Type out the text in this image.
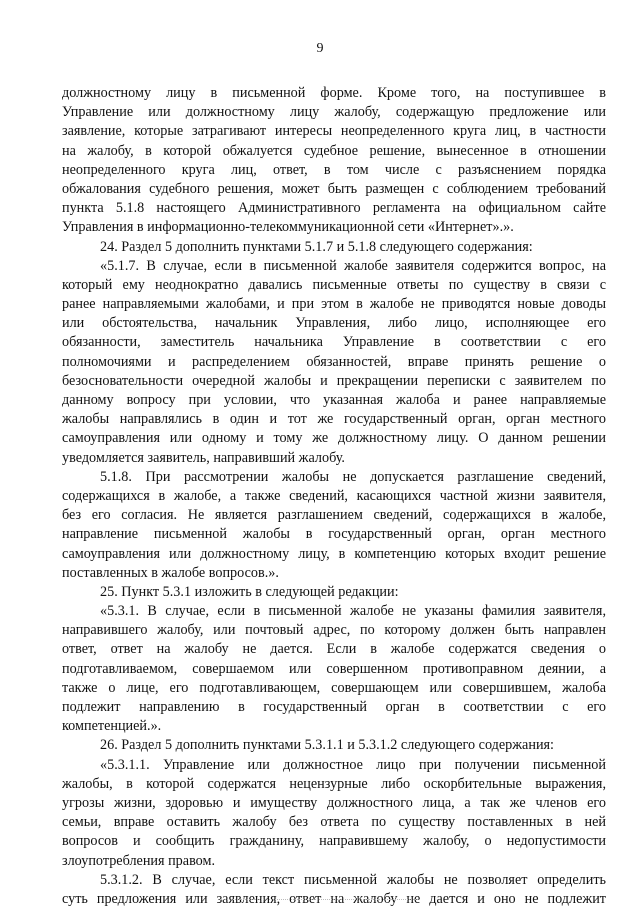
9
должностному лицу в письменной форме. Кроме того, на поступившее в
Управление или должностному лицу жалобу, содержащую предложение или
заявление, которые затрагивают интересы неопределенного круга лиц, в частности
на жалобу, в которой обжалуется судебное решение, вынесенное в отношении
неопределенного круга лиц, ответ, в том числе с разъяснением порядка
обжалования судебного решения, может быть размещен с соблюдением требований
пункта 5.1.8 настоящего Административного регламента на официальном сайте
Управления в информационно-телекоммуникационной сети «Интернет».».
24. Раздел 5 дополнить пунктами 5.1.7 и 5.1.8 следующего содержания:
«5.1.7. В случае, если в письменной жалобе заявителя содержится вопрос, на
который ему неоднократно давались письменные ответы по существу в связи с
ранее направляемыми жалобами, и при этом в жалобе не приводятся новые доводы
или обстоятельства, начальник Управления, либо лицо, исполняющее его
обязанности, заместитель начальника Управление в соответствии с его
полномочиями и распределением обязанностей, вправе принять решение о
безосновательности очередной жалобы и прекращении переписки с заявителем по
данному вопросу при условии, что указанная жалоба и ранее направляемые
жалобы направлялись в один и тот же государственный орган, орган местного
самоуправления или одному и тому же должностному лицу. О данном решении
уведомляется заявитель, направивший жалобу.
5.1.8. При рассмотрении жалобы не допускается разглашение сведений,
содержащихся в жалобе, а также сведений, касающихся частной жизни заявителя,
без его согласия. Не является разглашением сведений, содержащихся в жалобе,
направление письменной жалобы в государственный орган, орган местного
самоуправления или должностному лицу, в компетенцию которых входит решение
поставленных в жалобе вопросов.».
25. Пункт 5.3.1 изложить в следующей редакции:
«5.3.1. В случае, если в письменной жалобе не указаны фамилия заявителя,
направившего жалобу, или почтовый адрес, по которому должен быть направлен
ответ, ответ на жалобу не дается. Если в жалобе содержатся сведения о
подготавливаемом, совершаемом или совершенном противоправном деянии, а
также о лице, его подготавливающем, совершающем или совершившем, жалоба
подлежит направлению в государственный орган в соответствии с его
компетенцией.».
26. Раздел 5 дополнить пунктами 5.3.1.1 и 5.3.1.2 следующего содержания:
«5.3.1.1. Управление или должностное лицо при получении письменной
жалобы, в которой содержатся нецензурные либо оскорбительные выражения,
угрозы жизни, здоровью и имуществу должностного лица, а так же членов его
семьи, вправе оставить жалобу без ответа по существу поставленных в ней
вопросов и сообщить гражданину, направившему жалобу, о недопустимости
злоупотребления правом.
5.3.1.2. В случае, если текст письменной жалобы не позволяет определить
суть предложения или заявления, ответ на жалобу не дается и оно не подлежит
